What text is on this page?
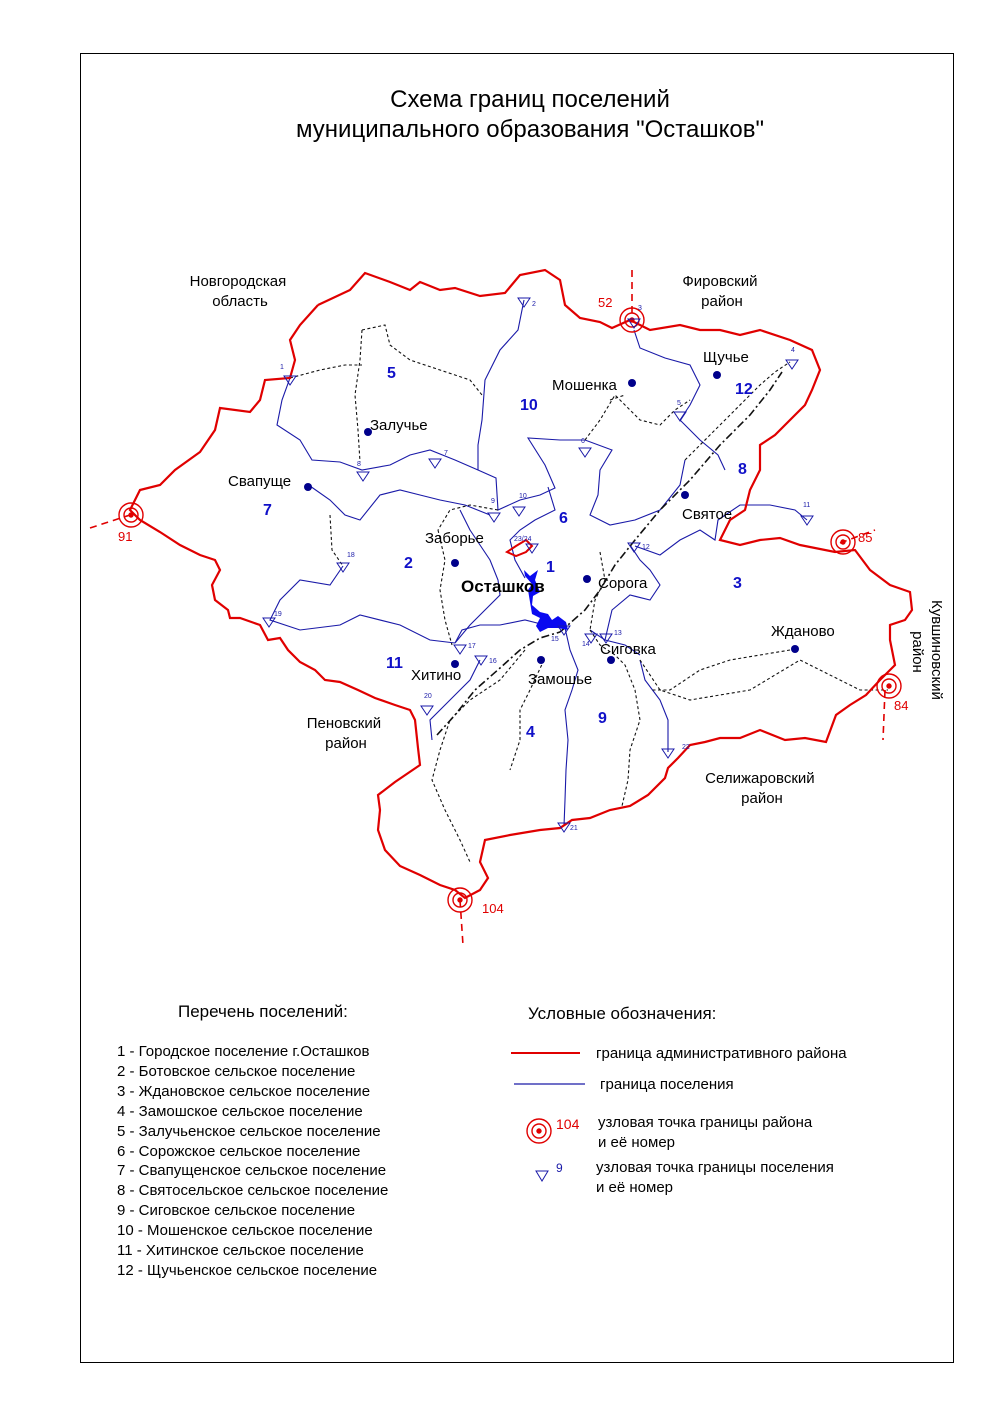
Схема границ поселений
муниципального образования "Осташков"
52
85
84
104
91
1
2
3
4
5
6
7
8
9
10
11
12
13
14
15
16
17
18
19
20
21
22
23/24
Мошенка
Щучье
Залучье
Свапуще
Заборье
Святое
Сорога
Жданово
Сиговка
Замошье
Хитино
Осташков
1
2
3
4
5
6
7
8
9
10
11
12
Новгородская область
Фировский район
Пеновский район
Селижаровский район
Кувшиновский район
104
9
Перечень поселений:
1 - Городское поселение г.Осташков
2 - Ботовское сельское поселение
3 - Ждановское сельское поселение
4 - Замошское сельское поселение
5 - Залучьенское сельское поселение
6 - Сорожское сельское поселение
7 - Свапущенское сельское поселение
8 - Святосельское сельское поселение
9 - Сиговское сельское поселение
10 - Мошенское сельское поселение
11 - Хитинское сельское поселение
12 - Щучьенское сельское поселение
Условные обозначения:
граница административного района
граница поселения
узловая точка границы района
и её номер
узловая точка границы поселения
и её номер
